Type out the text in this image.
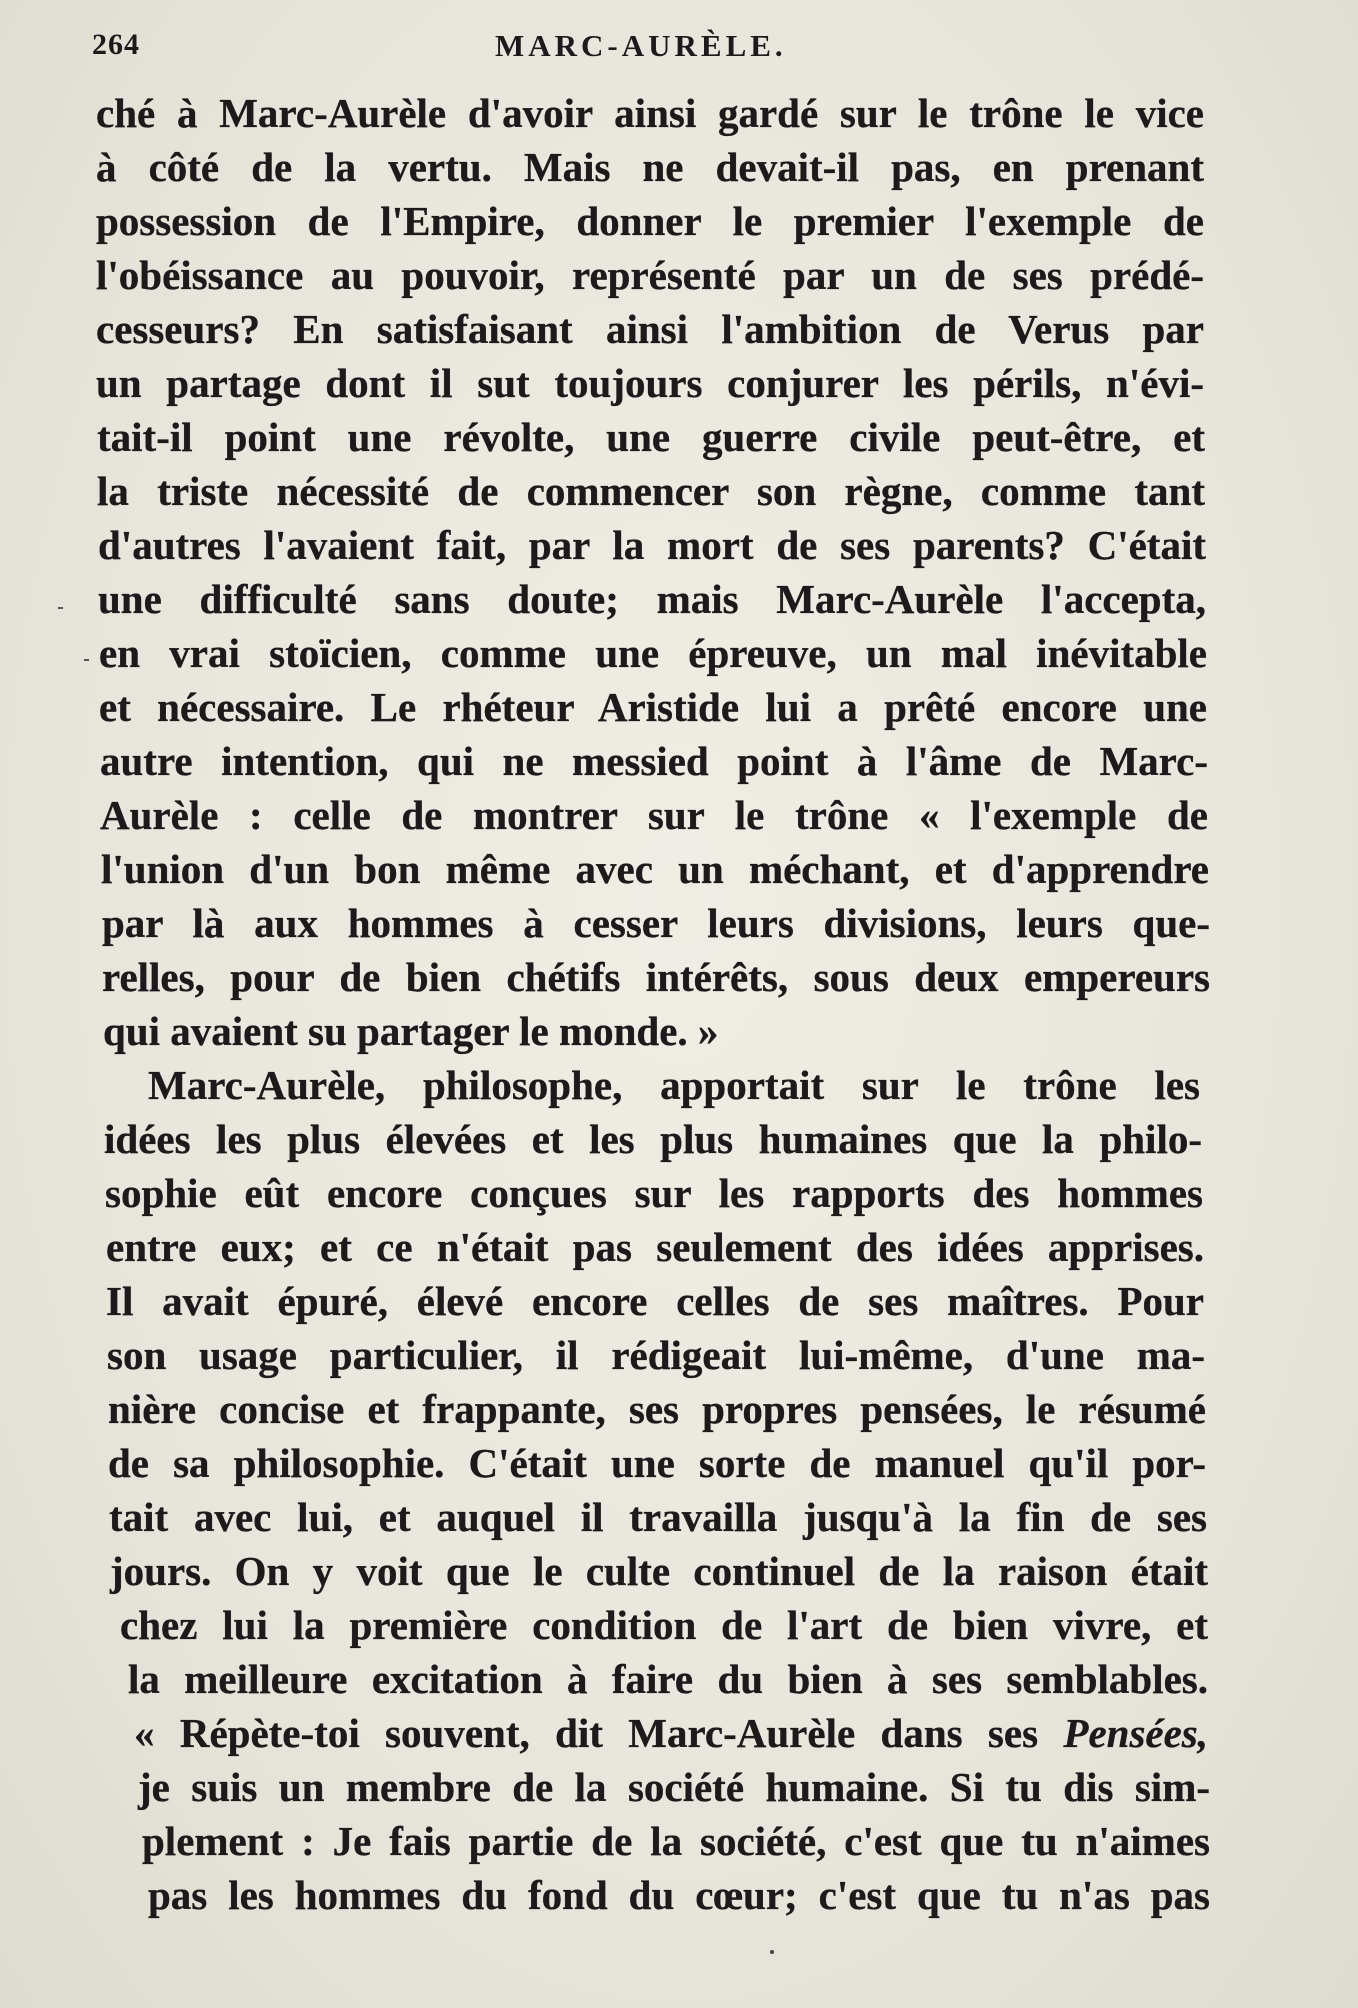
264	MARC-AURÈLE.
ché à Marc-Aurèle d'avoir ainsi gardé sur le trône le vice
à côté de la vertu. Mais ne devait-il pas, en prenant
possession de l'Empire, donner le premier l'exemple de
l'obéissance au pouvoir, représenté par un de ses prédé-
cesseurs? En satisfaisant ainsi l'ambition de Verus par
un partage dont il sut toujours conjurer les périls, n'évi-
tait-il point une révolte, une guerre civile peut-être, et
la triste nécessité de commencer son règne, comme tant
d'autres l'avaient fait, par la mort de ses parents? C'était
une difficulté sans doute; mais Marc-Aurèle l'accepta,
en vrai stoïcien, comme une épreuve, un mal inévitable
et nécessaire. Le rhéteur Aristide lui a prêté encore une
autre intention, qui ne messied point à l'âme de Marc-
Aurèle : celle de montrer sur le trône « l'exemple de
l'union d'un bon même avec un méchant, et d'apprendre
par là aux hommes à cesser leurs divisions, leurs que-
relles, pour de bien chétifs intérêts, sous deux empereurs
qui avaient su partager le monde. »
Marc-Aurèle, philosophe, apportait sur le trône les
idées les plus élevées et les plus humaines que la philo-
sophie eût encore conçues sur les rapports des hommes
entre eux; et ce n'était pas seulement des idées apprises.
Il avait épuré, élevé encore celles de ses maîtres. Pour
son usage particulier, il rédigeait lui-même, d'une ma-
nière concise et frappante, ses propres pensées, le résumé
de sa philosophie. C'était une sorte de manuel qu'il por-
tait avec lui, et auquel il travailla jusqu'à la fin de ses
jours. On y voit que le culte continuel de la raison était
chez lui la première condition de l'art de bien vivre, et
la meilleure excitation à faire du bien à ses semblables.
« Répète-toi souvent, dit Marc-Aurèle dans ses Pensées,
je suis un membre de la société humaine. Si tu dis sim-
plement : Je fais partie de la société, c'est que tu n'aimes
pas les hommes du fond du cœur; c'est que tu n'as pas
